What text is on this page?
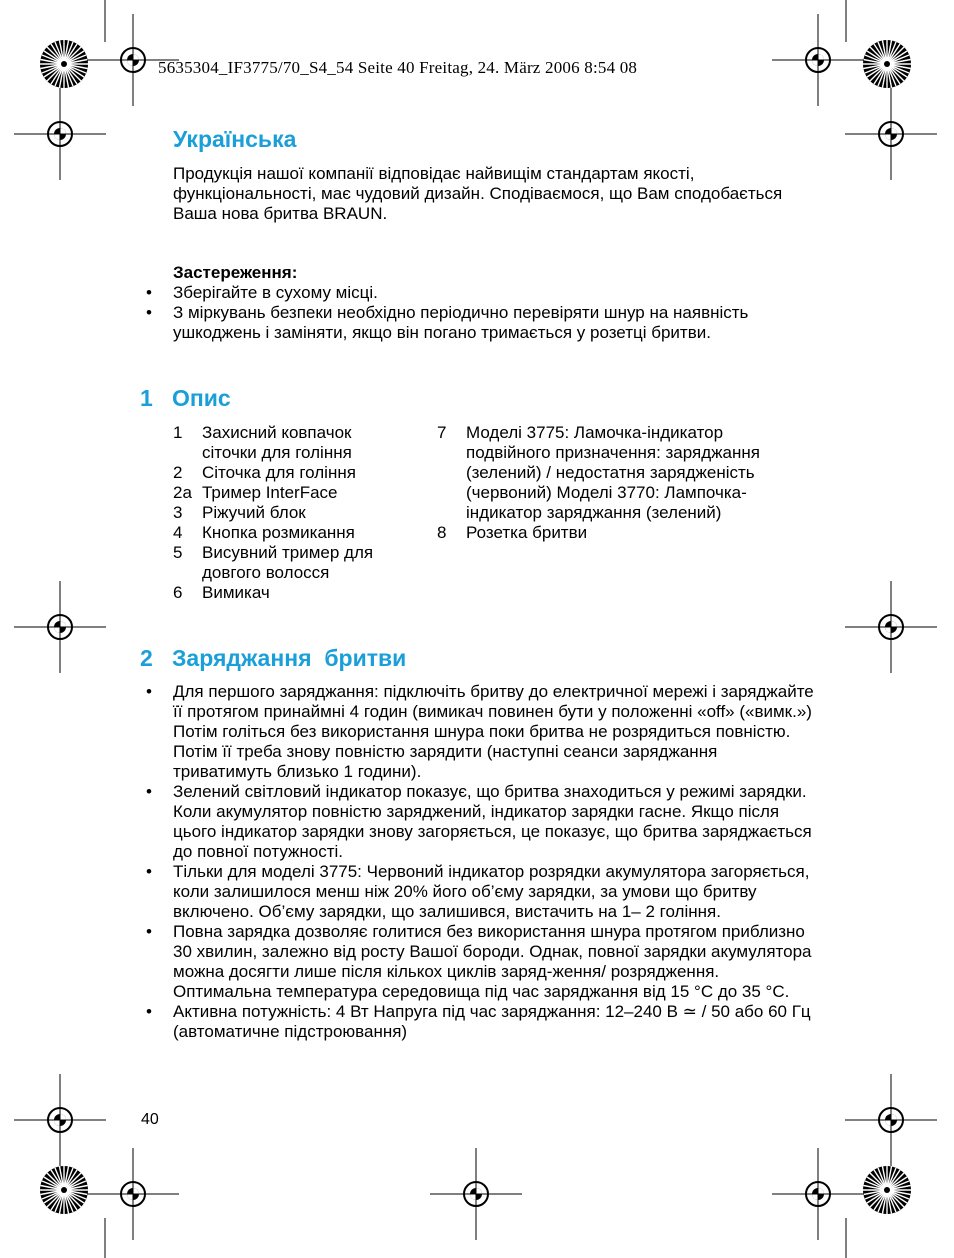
5635304_IF3775/70_S4_54 Seite 40 Freitag, 24. März 2006 8:54 08
Українська

Продукція нашої компанії відповідає найвищім стандартам якості, функціональності, має чудовий дизайн. Сподіваємося, що Вам сподобається Ваша нова бритва BRAUN.

Застереження:

• Зберігайте в сухому місці.
• З міркувань безпеки необхідно періодично перевіряти шнур на наявність ушкоджень і заміняти, якщо він погано тримається у розетці бритви.
1 Опис
1	Захисний ковпачок сіточки для гоління
2	Сіточка для гоління
2a Тример InterFace
3	Ріжучий блок
4	Кнопка розмикання
5	Висувний тример для довгого волосся
6	Вимикач
7	Моделі 3775: Ламочка-індикатор подвійного призначення: заряджання (зелений) / недостатня зарядженість (червоний) Моделі 3770: Лампочка-індикатор заряджання (зелений)
8	Розетка бритви
2 Заряджання  бритви
• Для першого заряджання: підключіть бритву до електричної мережі і заряджайте її протягом принаймні 4 годин (вимикач повинен бути у положенні «off» («вимк.») Потім голіться без використання шнура поки бритва не розрядиться повністю. Потім її треба знову повністю зарядити (наступні сеанси заряджання триватимуть близько 1 години).
• Зелений світловий індикатор показує, що бритва знаходиться у режимі зарядки. Коли акумулятор повністю заряджений, індикатор зарядки гасне. Якщо після цього індикатор зарядки знову загоряється, це показує, що бритва заряджається до повної потужності.
• Тільки для моделі 3775: Червоний індикатор розрядки акумулятора загоряється, коли залишилося менш ніж 20% його об’єму зарядки, за умови що бритву включено. Об’єму зарядки, що залишився, вистачить на 1– 2 гоління.
• Повна зарядка дозволяє голитися без використання шнура протягом приблизно 30 хвилин, залежно від росту Вашої бороди. Однак, повної зарядки акумулятора можна досягти лише після кількох циклів заряд-ження/ розрядження. Оптимальна температура середовища під час заряджання від 15 °C до 35 °C.
• Активна потужність: 4 Вт Напруга під час заряджання: 12–240 В ≃ / 50 або 60 Гц (автоматичне підстроювання)
40
